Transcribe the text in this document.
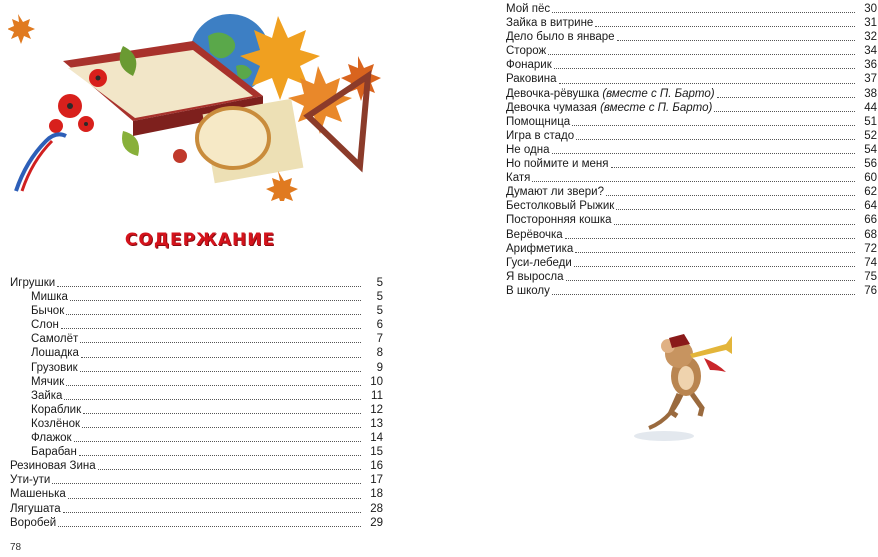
СОДЕРЖАНИЕ
Игрушки	5
Мишка	5
Бычок	5
Слон	6
Самолёт	7
Лошадка	8
Грузовик	9
Мячик	10
Зайка	11
Кораблик	12
Козлёнок	13
Флажок	14
Барабан	15
Резиновая Зина	16
Ути-ути	17
Машенька	18
Лягушата	28
Воробей	29
Мой пёс	30
Зайка в витрине	31
Дело было в январе	32
Сторож	34
Фонарик	36
Раковина	37
Девочка-рёвушка (вместе с П. Барто)	38
Девочка чумазая (вместе с П. Барто)	44
Помощница	51
Игра в стадо	52
Не одна	54
Но поймите и меня	56
Катя	60
Думают ли звери?	62
Бестолковый Рыжик	64
Посторонняя кошка	66
Верёвочка	68
Арифметика	72
Гуси-лебеди	74
Я выросла	75
В школу	76
78
